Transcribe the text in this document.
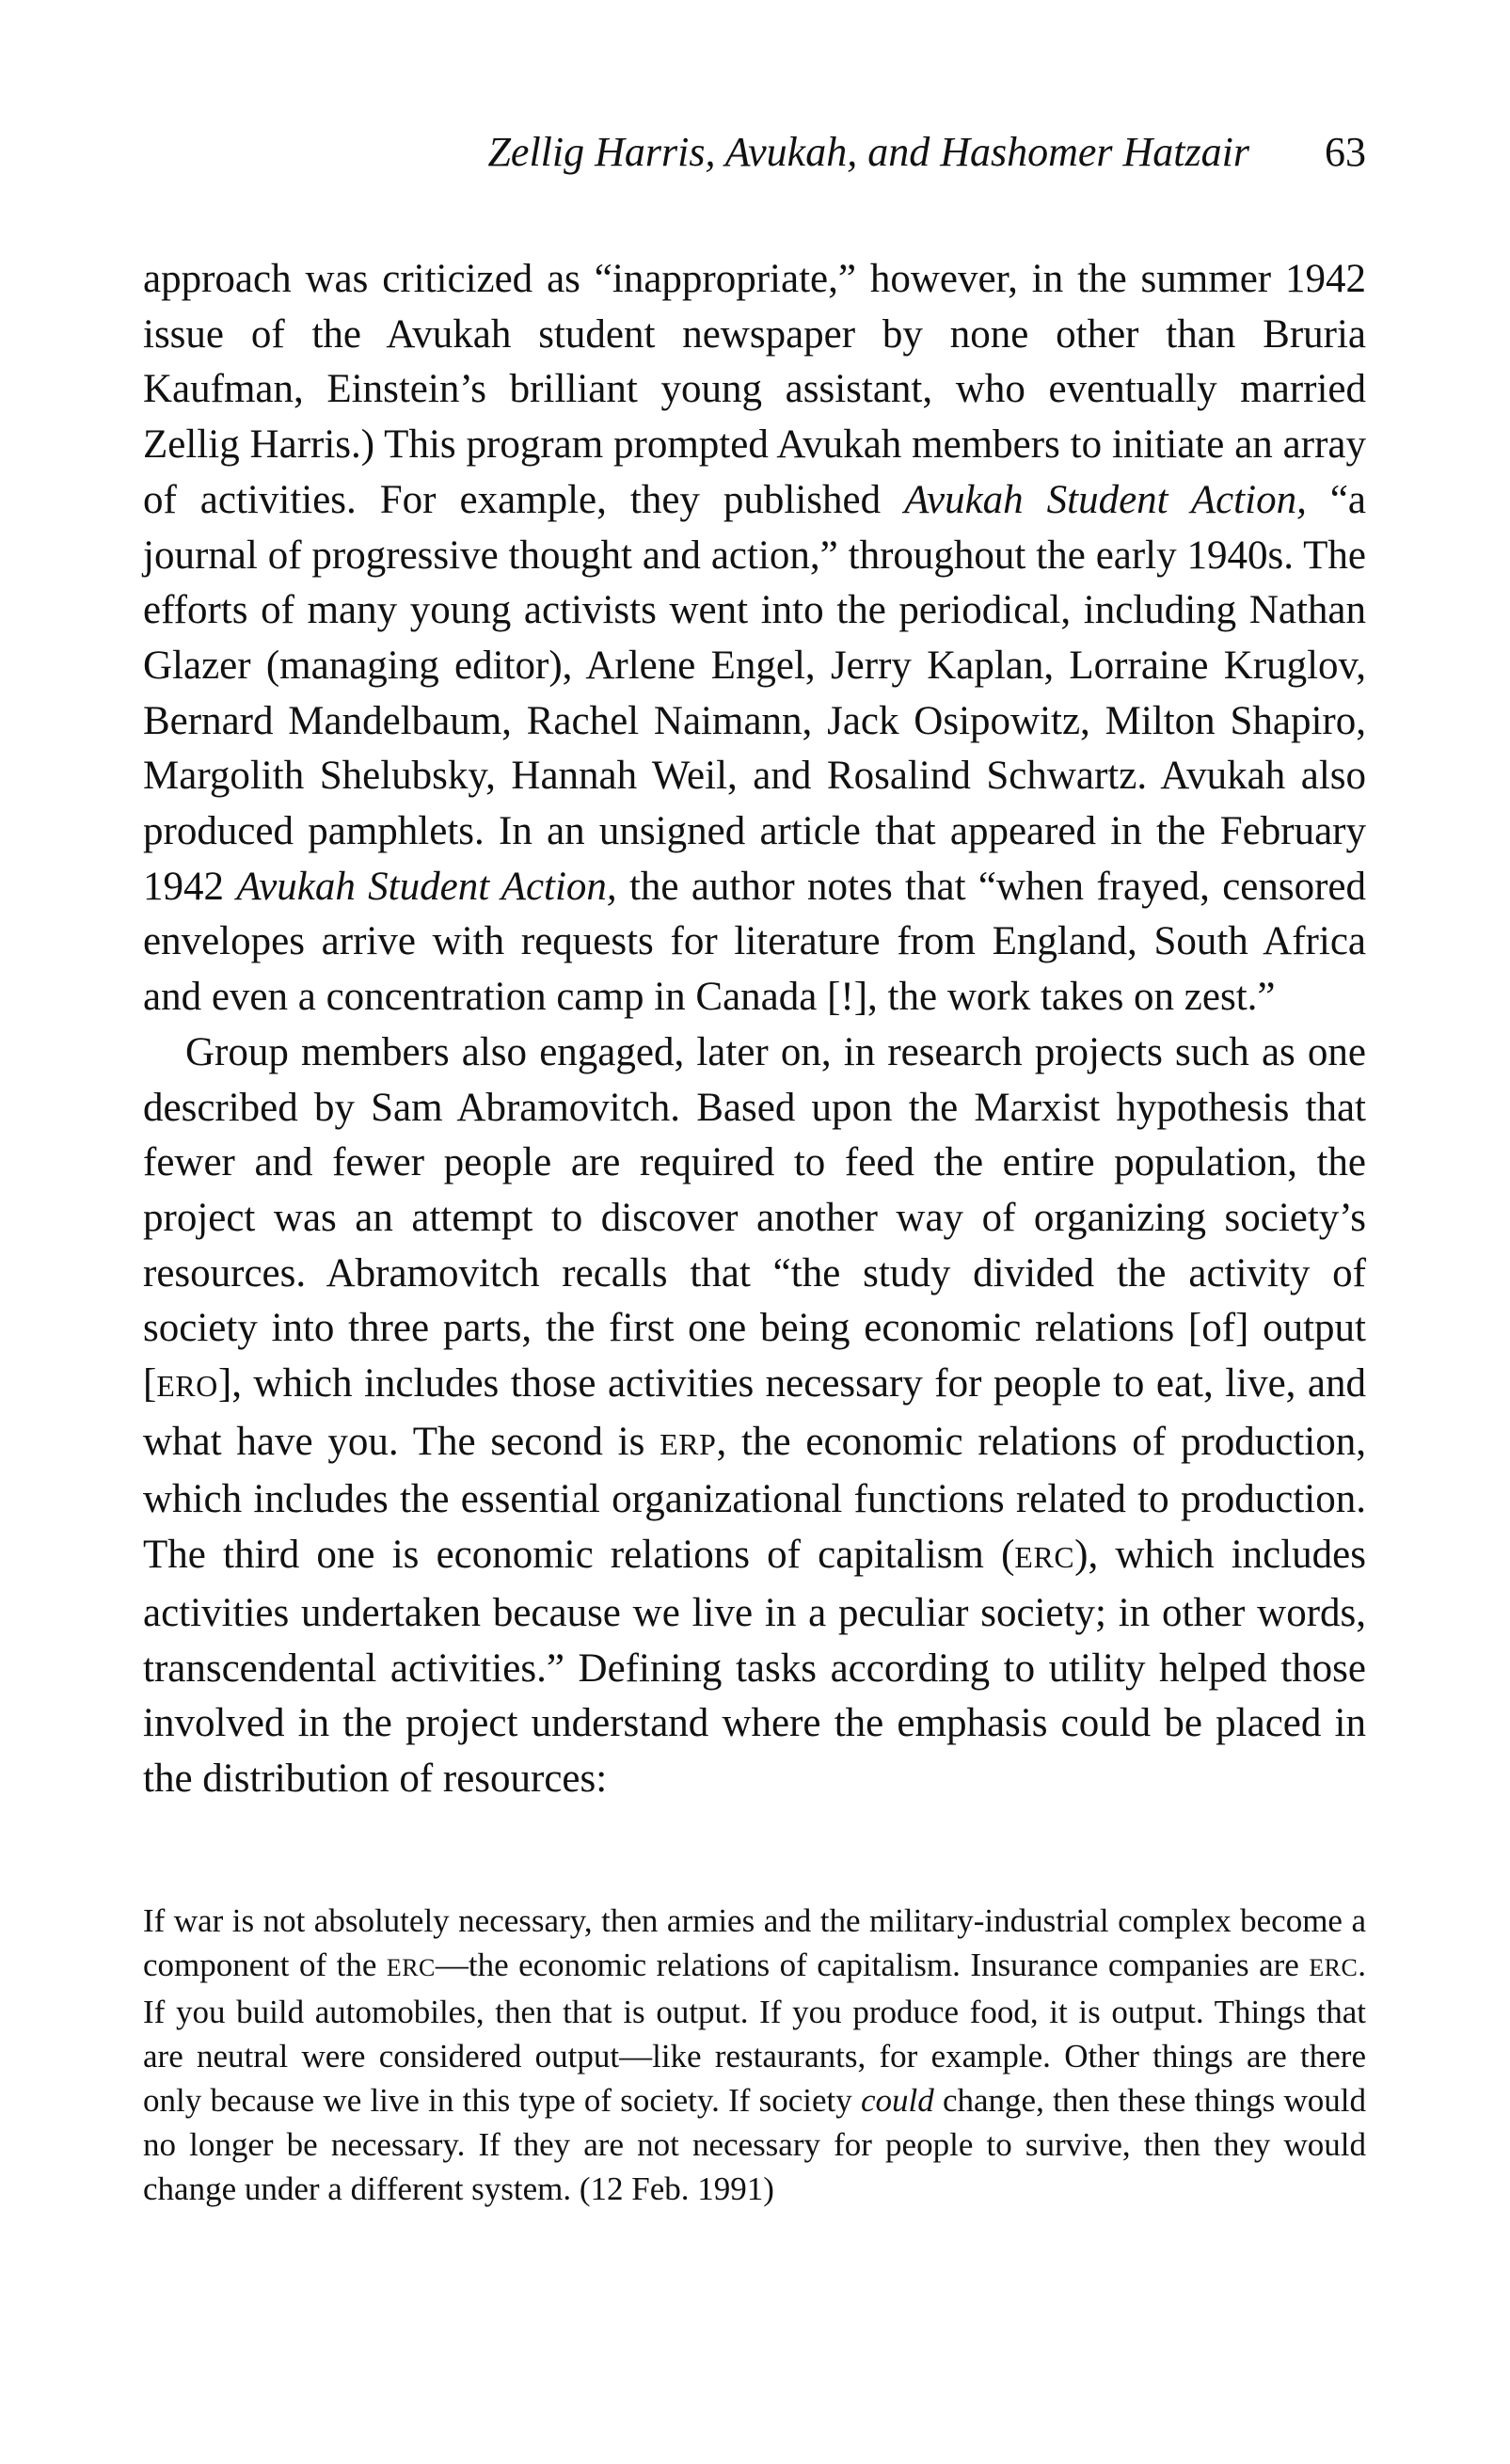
Zellig Harris, Avukah, and Hashomer Hatzair 63

approach was criticized as “inappropriate,” however, in the summer 1942 issue of the Avukah student newspaper by none other than Bruria Kaufman, Einstein’s brilliant young assistant, who eventually married Zellig Harris.) This program prompted Avukah members to initiate an array of activities. For example, they published Avukah Student Action, “a journal of progressive thought and action,” throughout the early 1940s. The efforts of many young activists went into the periodical, including Nathan Glazer (managing editor), Arlene Engel, Jerry Kaplan, Lorraine Kruglov, Bernard Mandelbaum, Rachel Naimann, Jack Osipowitz, Milton Shapiro, Margolith Shelubsky, Hannah Weil, and Rosalind Schwartz. Avukah also produced pamphlets. In an unsigned article that appeared in the February 1942 Avukah Student Action, the author notes that “when frayed, censored envelopes arrive with requests for literature from England, South Africa and even a concentration camp in Canada [!], the work takes on zest.”

Group members also engaged, later on, in research projects such as one described by Sam Abramovitch. Based upon the Marxist hypothesis that fewer and fewer people are required to feed the entire population, the project was an attempt to discover another way of organizing society’s resources. Abramovitch recalls that “the study divided the activity of society into three parts, the first one being economic relations [of] output [ERO], which includes those activities necessary for people to eat, live, and what have you. The second is ERP, the economic relations of production, which includes the essential organizational functions related to production. The third one is economic relations of capitalism (ERC), which includes activities undertaken because we live in a peculiar society; in other words, transcendental activities.” Defining tasks according to utility helped those involved in the project understand where the emphasis could be placed in the distribution of resources:

If war is not absolutely necessary, then armies and the military-industrial complex become a component of the ERC—the economic relations of capitalism. Insurance companies are ERC. If you build automobiles, then that is output. If you produce food, it is output. Things that are neutral were considered output—like restaurants, for example. Other things are there only because we live in this type of society. If society could change, then these things would no longer be necessary. If they are not necessary for people to survive, then they would change under a different system. (12 Feb. 1991)
